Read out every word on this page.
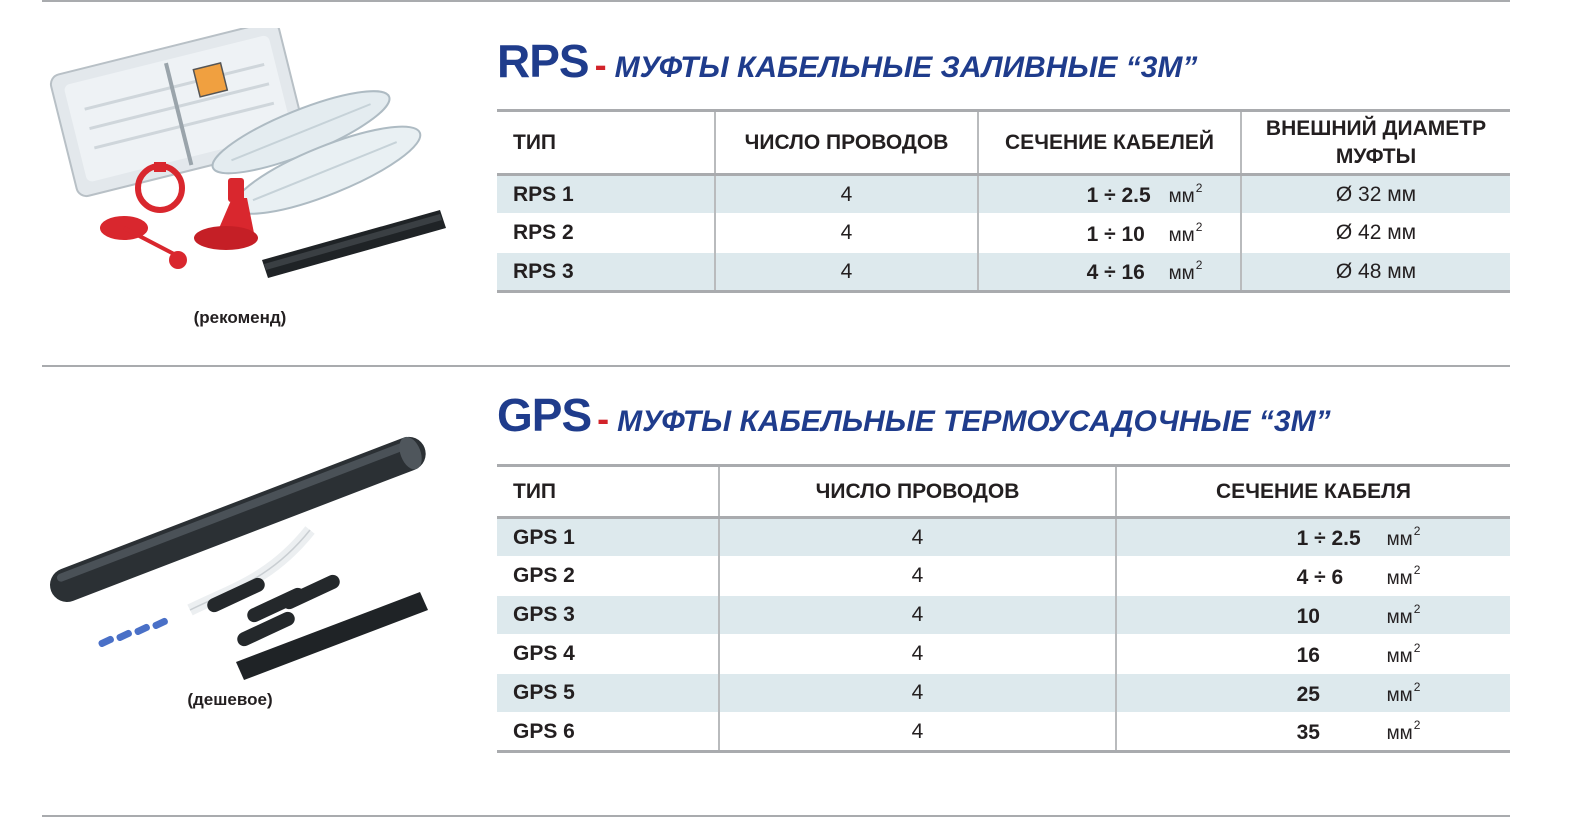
(рекоменд)
RPS - МУФТЫ КАБЕЛЬНЫЕ ЗАЛИВНЫЕ “3М”
ТИП	ЧИСЛО ПРОВОДОВ	СЕЧЕНИЕ КАБЕЛЕЙ	ВНЕШНИЙ ДИАМЕТР
МУФТЫ
RPS 1	4	1 ÷ 2.5 $мм^2$	Ø 32 мм
RPS 2	4	1 ÷ 10 $мм^2$	Ø 42 мм
RPS 3	4	4 ÷ 16 $мм^2$	Ø 48 мм
(дешевое)
GPS - МУФТЫ КАБЕЛЬНЫЕ ТЕРМОУСАДОЧНЫЕ “3М”
ТИП	ЧИСЛО ПРОВОДОВ	СЕЧЕНИЕ КАБЕЛЯ
GPS 1	4	1 ÷ 2.5 $мм^2$
GPS 2	4	4 ÷ 6 $мм^2$
GPS 3	4	10 $мм^2$
GPS 4	4	16 $мм^2$
GPS 5	4	25 $мм^2$
GPS 6	4	35 $мм^2$
